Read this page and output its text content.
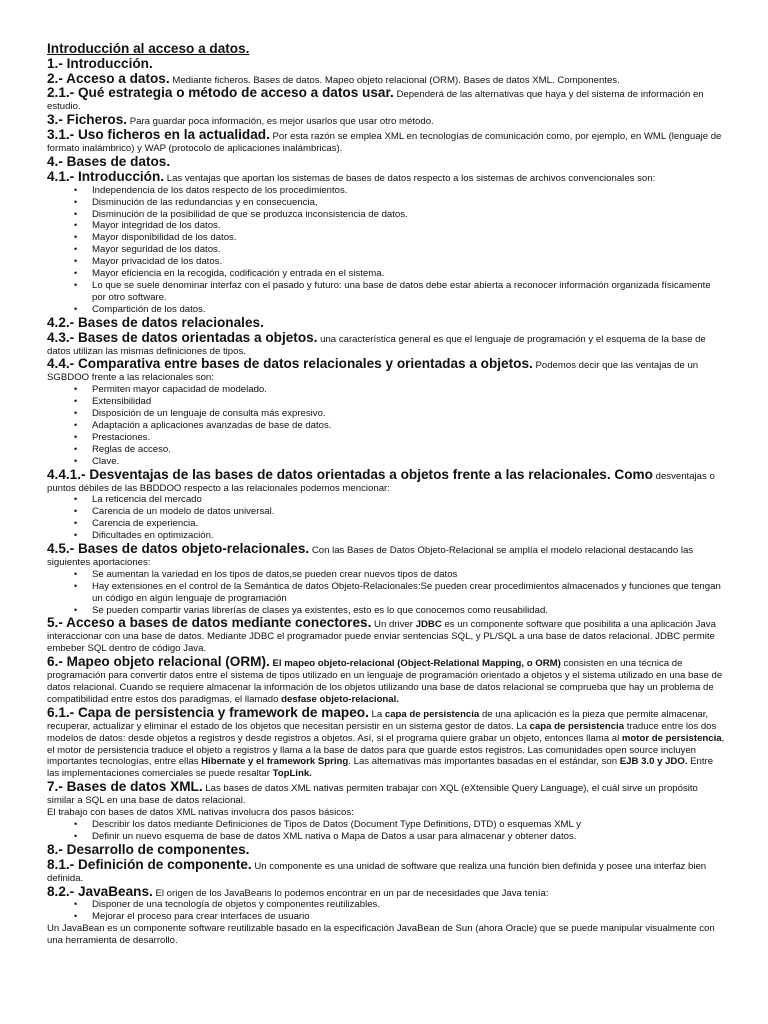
Introducción al acceso a datos.

1.- Introducción.

2.- Acceso a datos. Mediante ficheros. Bases de datos. Mapeo objeto relacional (ORM). Bases de datos XML. Componentes.

2.1.- Qué estrategia o método de acceso a datos usar. Dependerá de las alternativas que haya y del sistema de información en estudio.

3.- Ficheros. Para guardar poca información, es mejor usarlos que usar otro método.

3.1.- Uso ficheros en la actualidad. Por esta razón se emplea XML en tecnologías de comunicación como, por ejemplo, en WML (lenguaje de formato inalámbrico) y WAP (protocolo de aplicaciones inalámbricas).

4.- Bases de datos.

4.1.- Introducción. Las ventajas que aportan los sistemas de bases de datos respecto a los sistemas de archivos convencionales son:

• Independencia de los datos respecto de los procedimientos.
• Disminución de las redundancias y en consecuencia,
• Disminución de la posibilidad de que se produzca inconsistencia de datos.
• Mayor integridad de los datos.
• Mayor disponibilidad de los datos.
• Mayor seguridad de los datos.
• Mayor privacidad de los datos.
• Mayor eficiencia en la recogida, codificación y entrada en el sistema.
• Lo que se suele denominar interfaz con el pasado y futuro: una base de datos debe estar abierta a reconocer información organizada físicamente por otro software.
• Compartición de los datos.

4.2.- Bases de datos relacionales.

4.3.- Bases de datos orientadas a objetos. una característica general es que el lenguaje de programación y el esquema de la base de datos utilizan las mismas definiciones de tipos.

4.4.- Comparativa entre bases de datos relacionales y orientadas a objetos. Podemos decir que las ventajas de un SGBDOO frente a las relacionales son:

• Permiten mayor capacidad de modelado.
• Extensibilidad
• Disposición de un lenguaje de consulta más expresivo.
• Adaptación a aplicaciones avanzadas de base de datos.
• Prestaciones.
• Reglas de acceso.
• Clave.

4.4.1.- Desventajas de las bases de datos orientadas a objetos frente a las relacionales. Como desventajas o puntos débiles de las BBDDOO respecto a las relacionales podemos mencionar:

• La reticencia del mercado
• Carencia de un modelo de datos universal.
• Carencia de experiencia.
• Dificultades en optimización.

4.5.- Bases de datos objeto-relacionales. Con las Bases de Datos Objeto-Relacional se amplía el modelo relacional destacando las siguientes aportaciones:

• Se aumentan la variedad en los tipos de datos,se pueden crear nuevos tipos de datos
• Hay extensiones en el control de la Semántica de datos Objeto-Relacionales:Se pueden crear procedimientos almacenados y funciones que tengan un código en algún lenguaje de programación
• Se pueden compartir varias librerías de clases ya existentes, esto es lo que conocemos como reusabilidad.

5.- Acceso a bases de datos mediante conectores. Un driver JDBC es un componente software que posibilita a una aplicación Java interaccionar con una base de datos. Mediante JDBC el programador puede enviar sentencias SQL, y PL/SQL a una base de datos relacional. JDBC permite embeber SQL dentro de código Java.

6.- Mapeo objeto relacional (ORM). El mapeo objeto-relacional (Object-Relational Mapping, o ORM) consisten en una técnica de programación para convertir datos entre el sistema de tipos utilizado en un lenguaje de programación orientado a objetos y el sistema utilizado en una base de datos relacional. Cuando se requiere almacenar la información de los objetos utilizando una base de datos relacional se comprueba que hay un problema de compatibilidad entre estos dos paradigmas, el llamado desfase objeto-relacional.

6.1.- Capa de persistencia y framework de mapeo. La capa de persistencia de una aplicación es la pieza que permite almacenar, recuperar, actualizar y eliminar el estado de los objetos que necesitan persistir en un sistema gestor de datos. La capa de persistencia traduce entre los dos modelos de datos: desde objetos a registros y desde registros a objetos. Así, si el programa quiere grabar un objeto, entonces llama al motor de persistencia, el motor de persistencia traduce el objeto a registros y llama a la base de datos para que guarde estos registros. Las comunidades open source incluyen importantes tecnologías, entre ellas Hibernate y el framework Spring. Las alternativas más importantes basadas en el estándar, son EJB 3.0 y JDO. Entre las implementaciones comerciales se puede resaltar TopLink.

7.- Bases de datos XML. Las bases de datos XML nativas permiten trabajar con XQL (eXtensible Query Language), el cuál sirve un propósito similar a SQL en una base de datos relacional.

El trabajo con bases de datos XML nativas involucra dos pasos básicos:

• Describir los datos mediante Definiciones de Tipos de Datos (Document Type Definitions, DTD) o esquemas XML y
• Definir un nuevo esquema de base de datos XML nativa o Mapa de Datos a usar para almacenar y obtener datos.

8.- Desarrollo de componentes.

8.1.- Definición de componente. Un componente es una unidad de software que realiza una función bien definida y posee una interfaz bien definida.

8.2.- JavaBeans. El origen de los JavaBeans lo podemos encontrar en un par de necesidades que Java tenía:

• Disponer de una tecnología de objetos y componentes reutilizables.
• Mejorar el proceso para crear interfaces de usuario

Un JavaBean es un componente software reutilizable basado en la especificación JavaBean de Sun (ahora Oracle) que se puede manipular visualmente con una herramienta de desarrollo.
